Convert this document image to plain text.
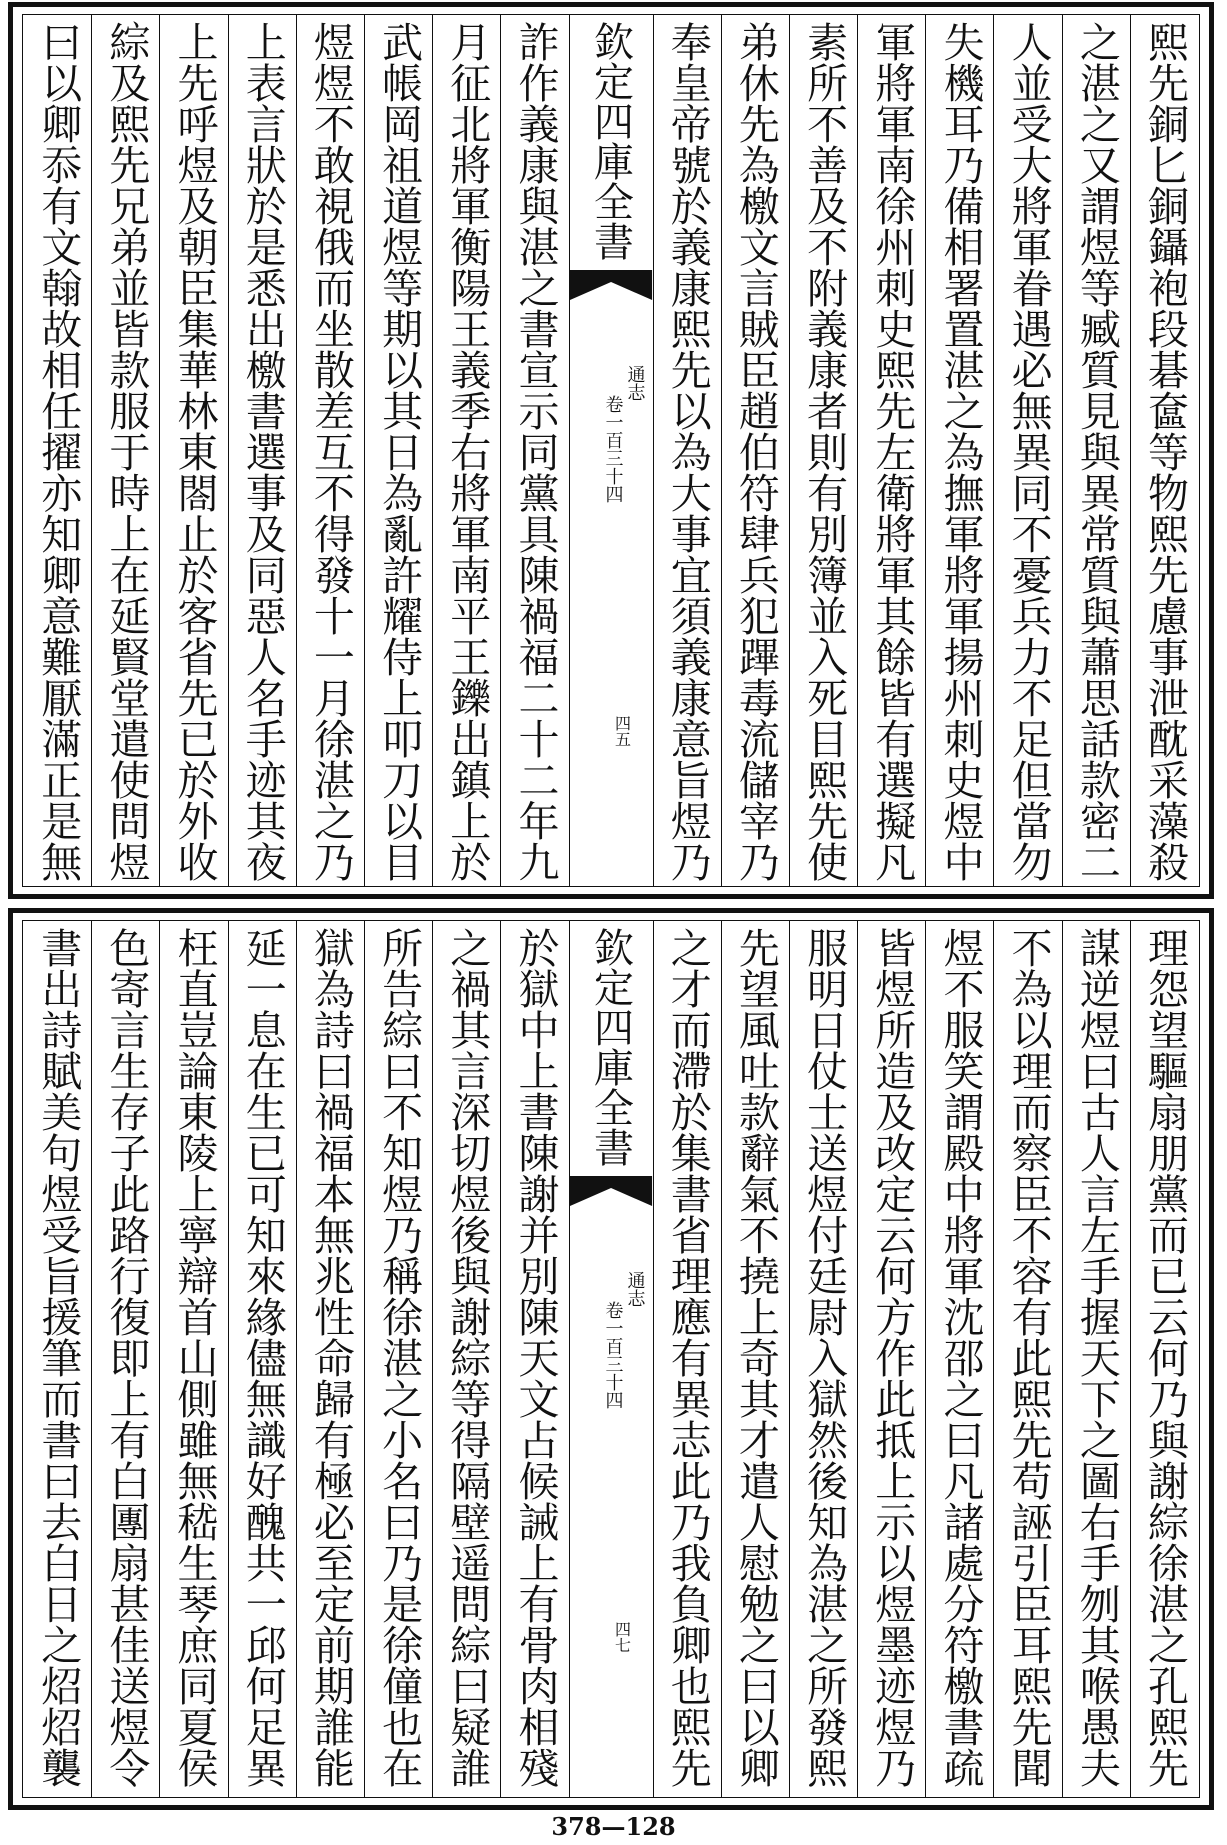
熙先銅匕銅鑷袍段碁奩等物熙先慮事泄酖采藻殺
之湛之又謂煜等臧質見與異常質與蕭思話款密二
人並受大將軍眷遇必無異同不憂兵力不足但當勿
失機耳乃備相署置湛之為撫軍將軍揚州刺史煜中
軍將軍南徐州刺史熙先左衛將軍其餘皆有選擬凡
素所不善及不附義康者則有別簿並入死目熙先使
弟休先為檄文言賊臣趙伯符肆兵犯蹕毒流儲宰乃
奉皇帝號於義康熙先以為大事宜須義康意旨煜乃
欽定四庫全書
通志
卷一百三十四
四五
詐作義康與湛之書宣示同黨具陳禍福二十二年九
月征北將軍衡陽王義季右將軍南平王鑠出鎮上於
武帳岡祖道煜等期以其日為亂許耀侍上叩刀以目
煜煜不敢視俄而坐散差互不得發十一月徐湛之乃
上表言狀於是悉出檄書選事及同惡人名手迹其夜
上先呼煜及朝臣集華林東閤止於客省先已於外收
綜及熙先兄弟並皆款服于時上在延賢堂遣使問煜
曰以卿忝有文翰故相任擢亦知卿意難厭滿正是無
理怨望驅扇朋黨而已云何乃與謝綜徐湛之孔熙先
謀逆煜曰古人言左手握天下之圖右手刎其喉愚夫
不為以理而察臣不容有此熙先苟誣引臣耳熙先聞
煜不服笑謂殿中將軍沈邵之曰凡諸處分符檄書疏
皆煜所造及改定云何方作此抵上示以煜墨迹煜乃
服明日仗士送煜付廷尉入獄然後知為湛之所發熙
先望風吐款辭氣不撓上奇其才遣人慰勉之曰以卿
之才而滯於集書省理應有異志此乃我負卿也熙先
欽定四庫全書
通志
卷一百三十四
四七
於獄中上書陳謝并別陳天文占候誡上有骨肉相殘
之禍其言深切煜後與謝綜等得隔壁遥問綜曰疑誰
所告綜曰不知煜乃稱徐湛之小名曰乃是徐僮也在
獄為詩曰禍福本無兆性命歸有極必至定前期誰能
延一息在生已可知來緣儘無識好醜共一邱何足異
枉直豈論東陵上寧辯首山側雖無嵇生琴庶同夏侯
色寄言生存子此路行復即上有白團扇甚佳送煜令
書出詩賦美句煜受旨援筆而書曰去白日之炤炤襲
378—128
